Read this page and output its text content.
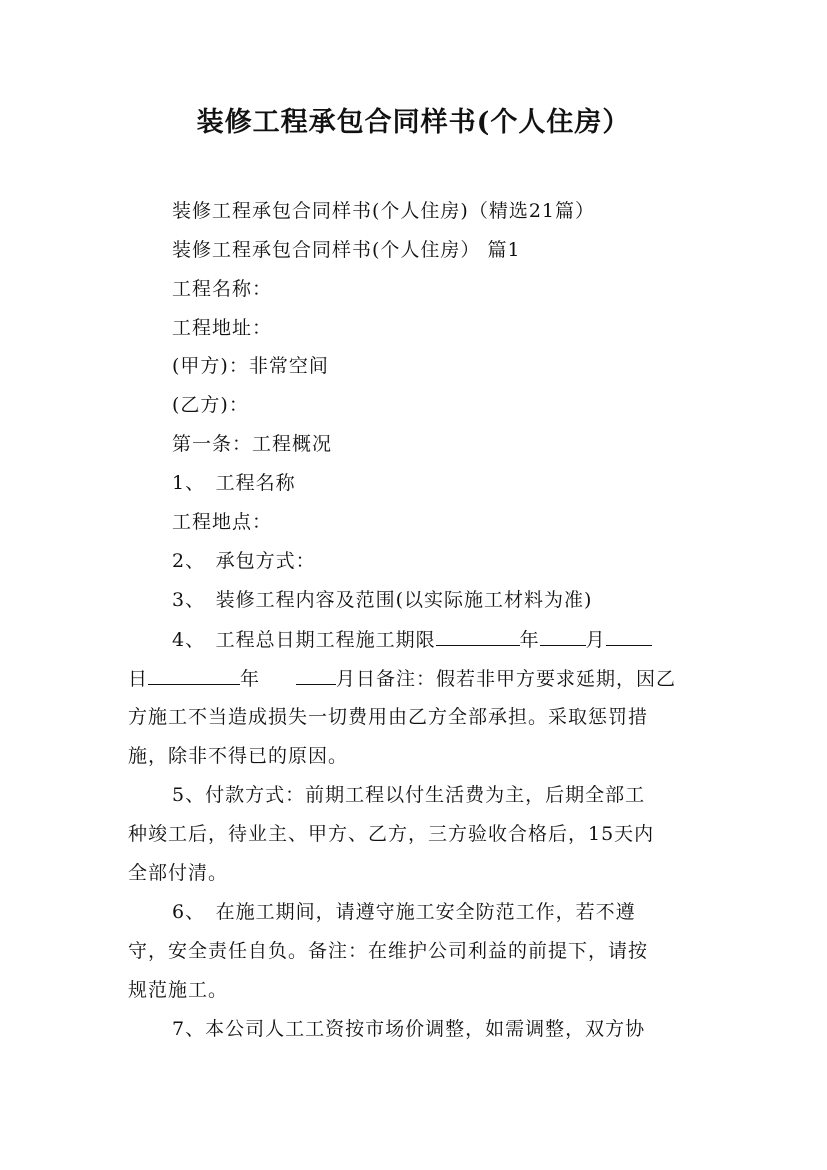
装修工程承包合同样书(个人住房）
装修工程承包合同样书(个人住房)（精选21篇）
装修工程承包合同样书(个人住房） 篇1
工程名称：
工程地址：
(甲方)：非常空间
(乙方)：
第一条：工程概况
1、　工程名称
工程地点：
2、　承包方式：
3、　装修工程内容及范围(以实际施工材料为准)
4、　工程总日期工程施工期限	年 月
日	年	月日备注：假若非甲方要求延期，因乙
方施工不当造成损失一切费用由乙方全部承担。采取惩罚措
施，除非不得已的原因。
5、付款方式：前期工程以付生活费为主，后期全部工
种竣工后，待业主、甲方、乙方，三方验收合格后，15天内
全部付清。
6、　在施工期间，请遵守施工安全防范工作，若不遵
守，安全责任自负。备注：在维护公司利益的前提下，请按
规范施工。
7、本公司人工工资按市场价调整，如需调整，双方协
